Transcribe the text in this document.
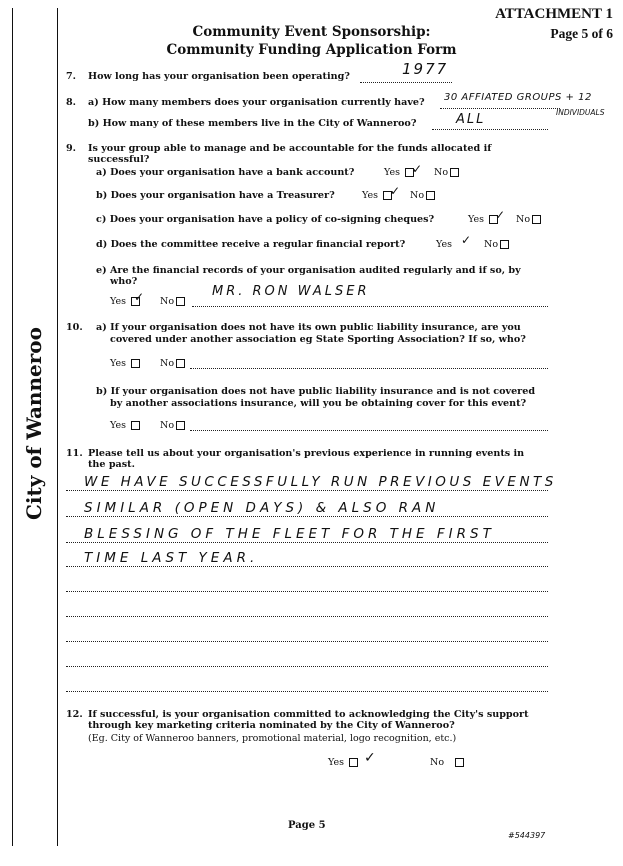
ATTACHMENT 1
Page 5 of 6
Community Event Sponsorship:
Community Funding Application Form
City of Wanneroo
7. How long has your organisation been operating?	1977
8. a) How many members does your organisation currently have? 30 AFFIATED GROUPS + 12
INDIVIDUALS
b) How many of these members live in the City of Wanneroo?	ALL
9. Is your group able to manage and be accountable for the funds allocated if
successful?
a) Does your organisation have a bank account?	Yes	✓ No
b) Does your organisation have a Treasurer?	Yes	✓ No
c) Does your organisation have a policy of co-signing cheques?	Yes ✓ No
d) Does the committee receive a regular financial report?	Yes ✓ No
e) Are the financial records of your organisation audited regularly and if so, by
who?
Yes ✓ No
MR. RON WALSER
10. a) If your organisation does not have its own public liability insurance, are you
covered under another association eg State Sporting Association? If so, who?
Yes	No
b) If your organisation does not have public liability insurance and is not covered
by another associations insurance, will you be obtaining cover for this event?
Yes	No
11. Please tell us about your organisation's previous experience in running events in
the past.
WE HAVE SUCCESSFULLY RUN PREVIOUS EVENTS
SIMILAR (OPEN DAYS) & ALSO RAN
BLESSING OF THE FLEET FOR THE FIRST
TIME LAST YEAR.
12. If successful, is your organisation committed to acknowledging the City's support
through key marketing criteria nominated by the City of Wanneroo?
(Eg. City of Wanneroo banners, promotional material, logo recognition, etc.)
Yes	✓	No
Page 5
#544397
